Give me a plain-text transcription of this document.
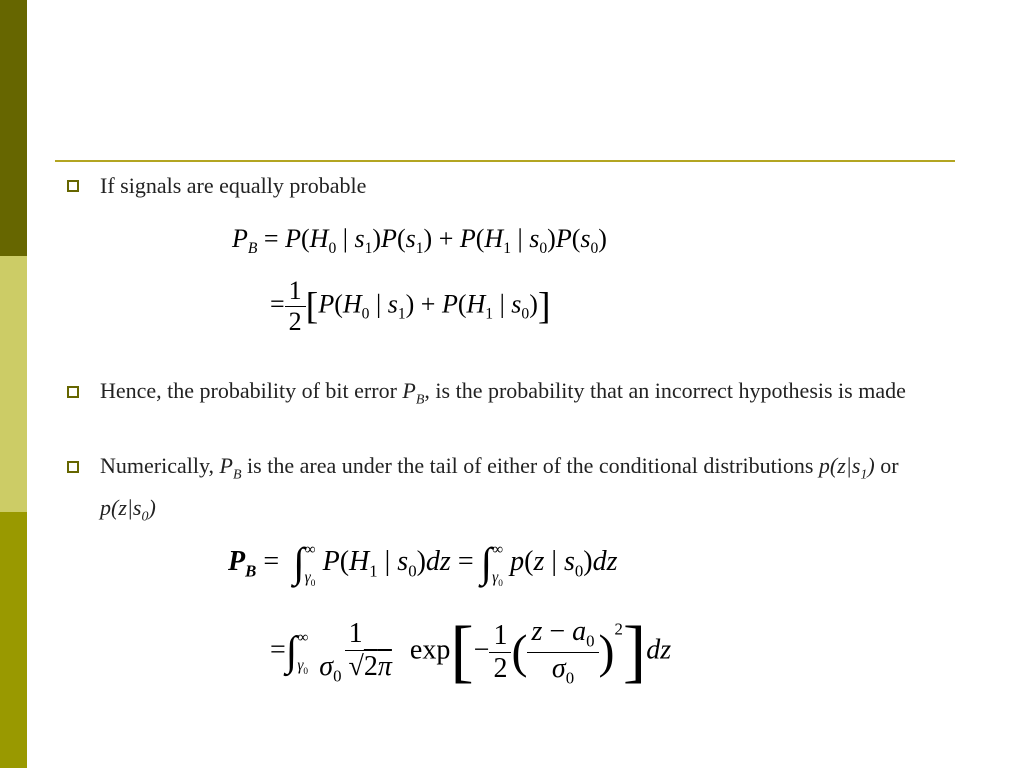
If signals are equally probable
$P_B = P(H_0$ | $s_1)P(s_1) + P(H_1$ | $s_0)P(s_0)$
= $\frac{1}{2} [P(H_0$ | $s_1) + P(H_1$ | $s_0$)]
Hence, the probability of bit error $P_B$, is the probability that an incorrect hypothesis is made
Numerically, $P_B$ is the area under the tail of either of the conditional distributions $p(z|s_1)$ or $p(z|s_0)$
$P_B$ =  ∫ ∞
$\gamma_0$
$P(H_1$ | $s_0)dz$ = ∫ ∞
$\gamma_0$
p(z | $s_0)dz$
=∫ ∞
$\gamma_0$
$\frac{1}{\sigma_0 √2\pi} \exp[- \frac{1}{2}$ ( $\frac{z - a_0}{\sigma_0} )^2]dz$
